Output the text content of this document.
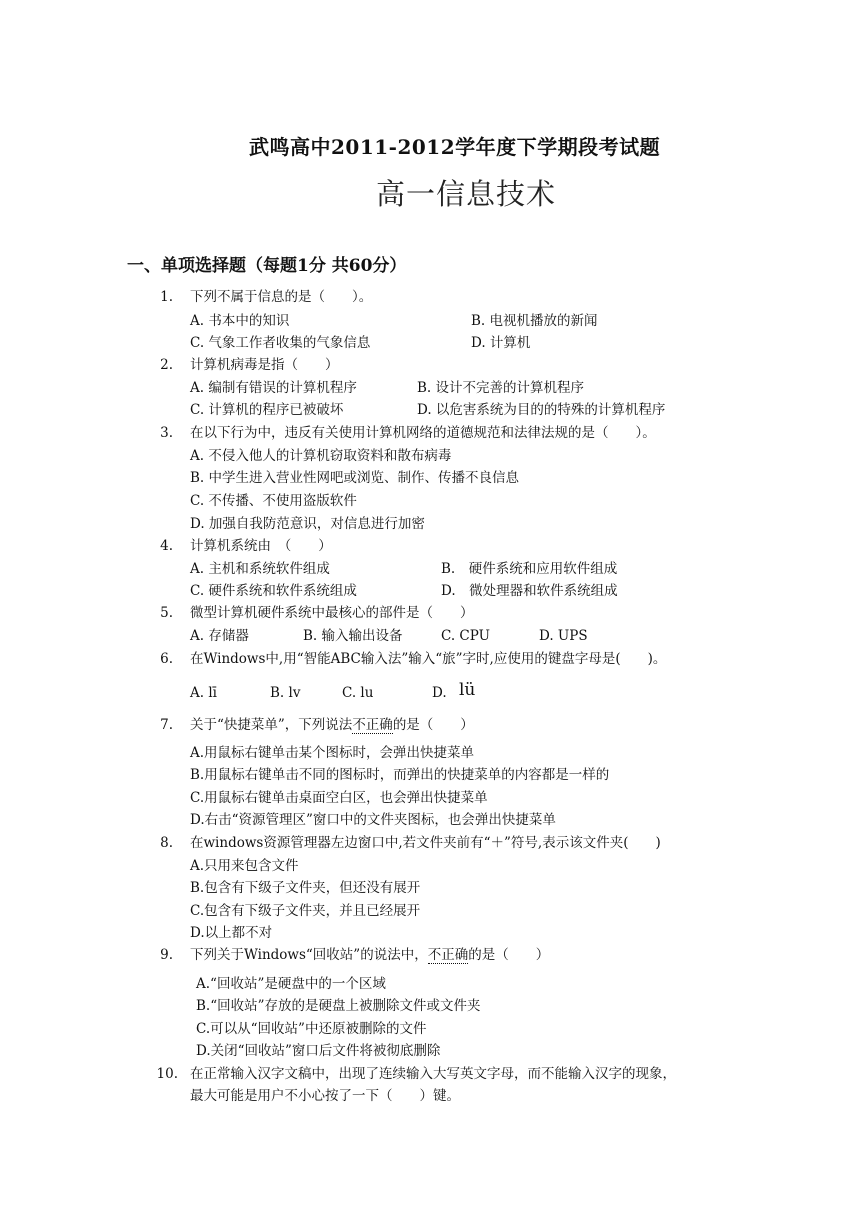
武鸣高中2011-2012学年度下学期段考试题
高一信息技术
一、单项选择题（每题1分 共60分）
1. 下列不属于信息的是（　　）。
A. 书本中的知识	B. 电视机播放的新闻
C. 气象工作者收集的气象信息	D. 计算机
2. 计算机病毒是指（　　）
A. 编制有错误的计算机程序	B. 设计不完善的计算机程序
C. 计算机的程序已被破坏	D. 以危害系统为目的的特殊的计算机程序
3. 在以下行为中，违反有关使用计算机网络的道德规范和法律法规的是（　　）。
A. 不侵入他人的计算机窃取资料和散布病毒
B. 中学生进入营业性网吧或浏览、制作、传播不良信息
C. 不传播、不使用盗版软件
D. 加强自我防范意识，对信息进行加密
4. 计算机系统由　（　　）
A. 主机和系统软件组成	B.　硬件系统和应用软件组成
C. 硬件系统和软件系统组成	D.　微处理器和软件系统组成
5. 微型计算机硬件系统中最核心的部件是（　　）
A. 存储器	B. 输入输出设备	C. CPU	D. UPS
6. 在Windows中,用“智能ABC输入法”输入“旅”字时,应使用的键盘字母是(　　)。
A. lī	B. lv	C. lu	D. lü
7. 关于“快捷菜单”，下列说法不正确的是（　　）
A.用鼠标右键单击某个图标时，会弹出快捷菜单
B.用鼠标右键单击不同的图标时，而弹出的快捷菜单的内容都是一样的
C.用鼠标右键单击桌面空白区，也会弹出快捷菜单
D.右击“资源管理区”窗口中的文件夹图标，也会弹出快捷菜单
8. 在windows资源管理器左边窗口中,若文件夹前有“＋”符号,表示该文件夹(　　)
A.只用来包含文件
B.包含有下级子文件夹，但还没有展开
C.包含有下级子文件夹，并且已经展开
D.以上都不对
9. 下列关于Windows“回收站”的说法中，不正确的是（　　）
A.“回收站”是硬盘中的一个区域
B.“回收站”存放的是硬盘上被删除文件或文件夹
C.可以从“回收站”中还原被删除的文件
D.关闭“回收站”窗口后文件将被彻底删除
10. 在正常输入汉字文稿中，出现了连续输入大写英文字母，而不能输入汉字的现象，
最大可能是用户不小心按了一下（　　）键。
